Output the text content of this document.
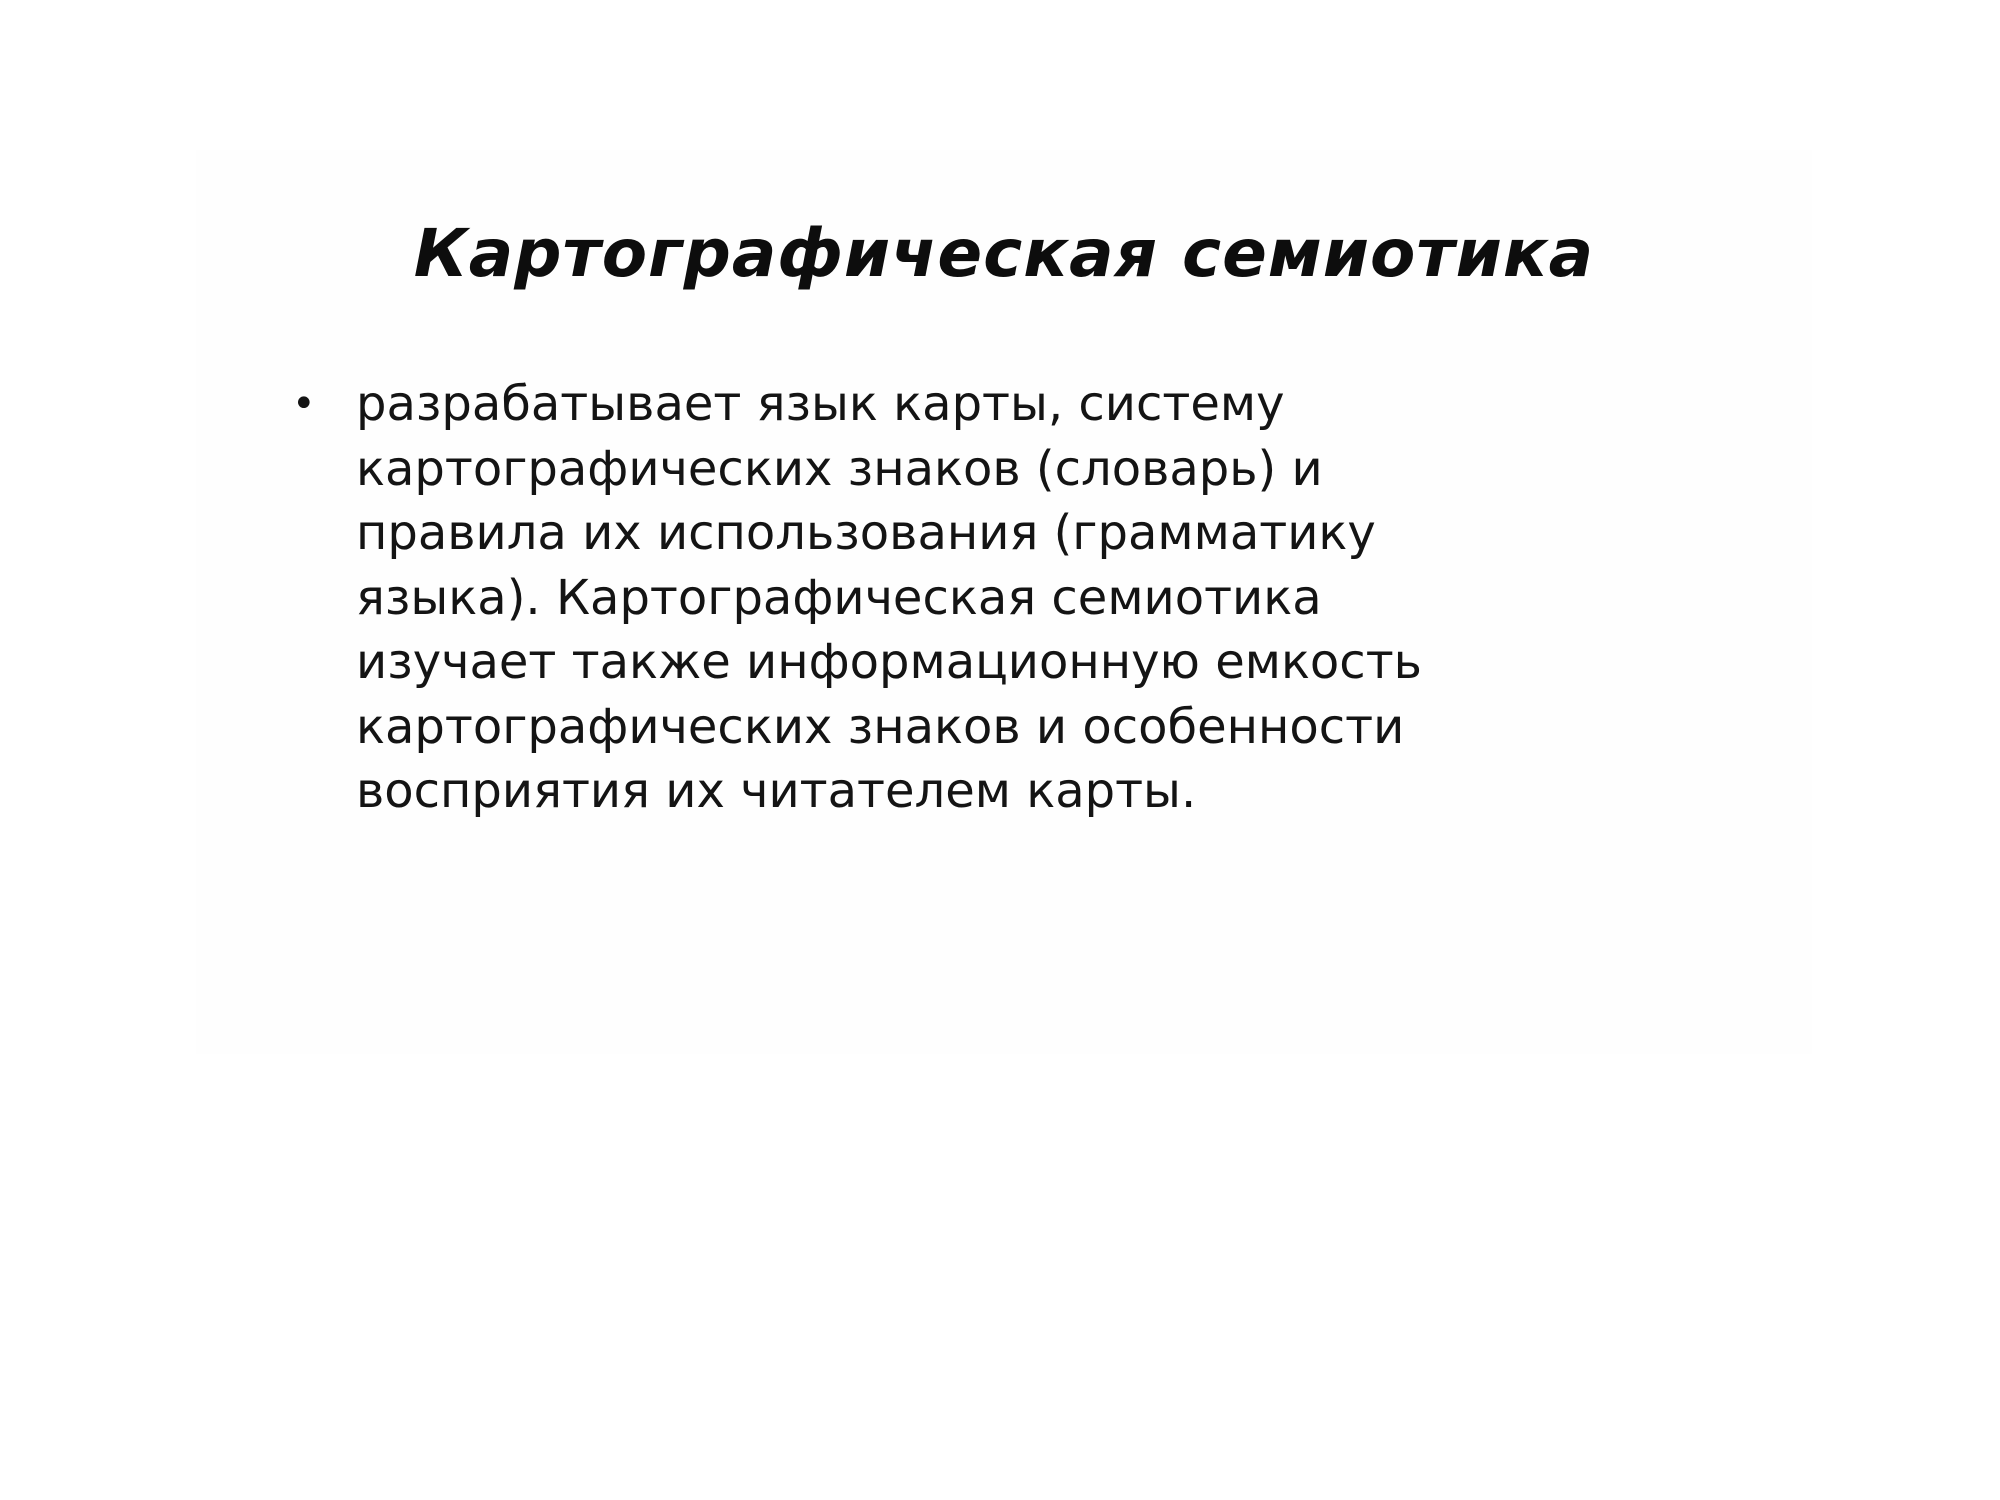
Картографическая семиотика
• разрабатывает язык карты, систему
картографических знаков (словарь) и
правила их использования (грамматику
языка). Картографическая семиотика
изучает также информационную емкость
картографических знаков и особенности
восприятия их читателем карты.
